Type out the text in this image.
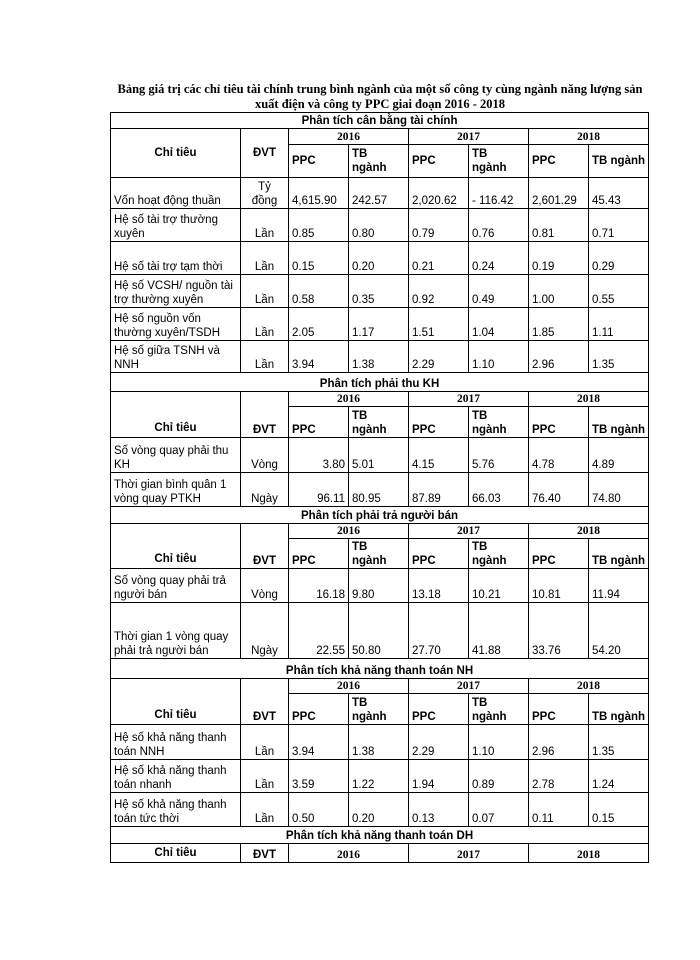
Bảng giá trị các chỉ tiêu tài chính trung bình ngành của một số công ty cùng ngành năng lượng sản xuất điện và công ty PPC giai đoạn 2016 - 2018
Phân tích cân bằng tài chính							
Chỉ tiêu	ĐVT	2016		2017		2018	
		PPC	TB ngành	PPC	TB ngành	PPC	TB ngành
Vốn hoạt động thuần	Tỷ đồng	4,615.90	242.57	2,020.62	- 116.42	2,601.29	45.43
Hệ số tài trợ thường xuyên	Lần	0.85	0.80	0.79	0.76	0.81	0.71
Hệ số tài trợ tạm thời	Lần	0.15	0.20	0.21	0.24	0.19	0.29
Hệ số VCSH/ nguồn tài trợ thường xuyên	Lần	0.58	0.35	0.92	0.49	1.00	0.55
Hệ số nguồn vốn thường xuyên/TSDH	Lần	2.05	1.17	1.51	1.04	1.85	1.11
Hệ số giữa TSNH và NNH	Lần	3.94	1.38	2.29	1.10	2.96	1.35
Phân tích phải thu KH							
Chỉ tiêu	ĐVT	2016		2017		2018	
		PPC	TB ngành	PPC	TB ngành	PPC	TB ngành
Số vòng quay phải thu KH	Vòng	3.80	5.01	4.15	5.76	4.78	4.89
Thời gian bình quân 1 vòng quay PTKH	Ngày	96.11	80.95	87.89	66.03	76.40	74.80
Phân tích phải trả người bán							
Chỉ tiêu	ĐVT	2016		2017		2018	
		PPC	TB ngành	PPC	TB ngành	PPC	TB ngành
Số vòng quay phải trả người bán	Vòng	16.18	9.80	13.18	10.21	10.81	11.94
Thời gian 1 vòng quay phải trả người bán	Ngày	22.55	50.80	27.70	41.88	33.76	54.20
Phân tích khả năng thanh toán NH							
Chỉ tiêu	ĐVT	2016		2017		2018	
		PPC	TB ngành	PPC	TB ngành	PPC	TB ngành
Hệ số khả năng thanh toán NNH	Lần	3.94	1.38	2.29	1.10	2.96	1.35
Hệ số khả năng thanh toán nhanh	Lần	3.59	1.22	1.94	0.89	2.78	1.24
Hệ số khả năng thanh toán tức thời	Lần	0.50	0.20	0.13	0.07	0.11	0.15
Phân tích khả năng thanh toán DH							
Chỉ tiêu	ĐVT	2016		2017		2018	
